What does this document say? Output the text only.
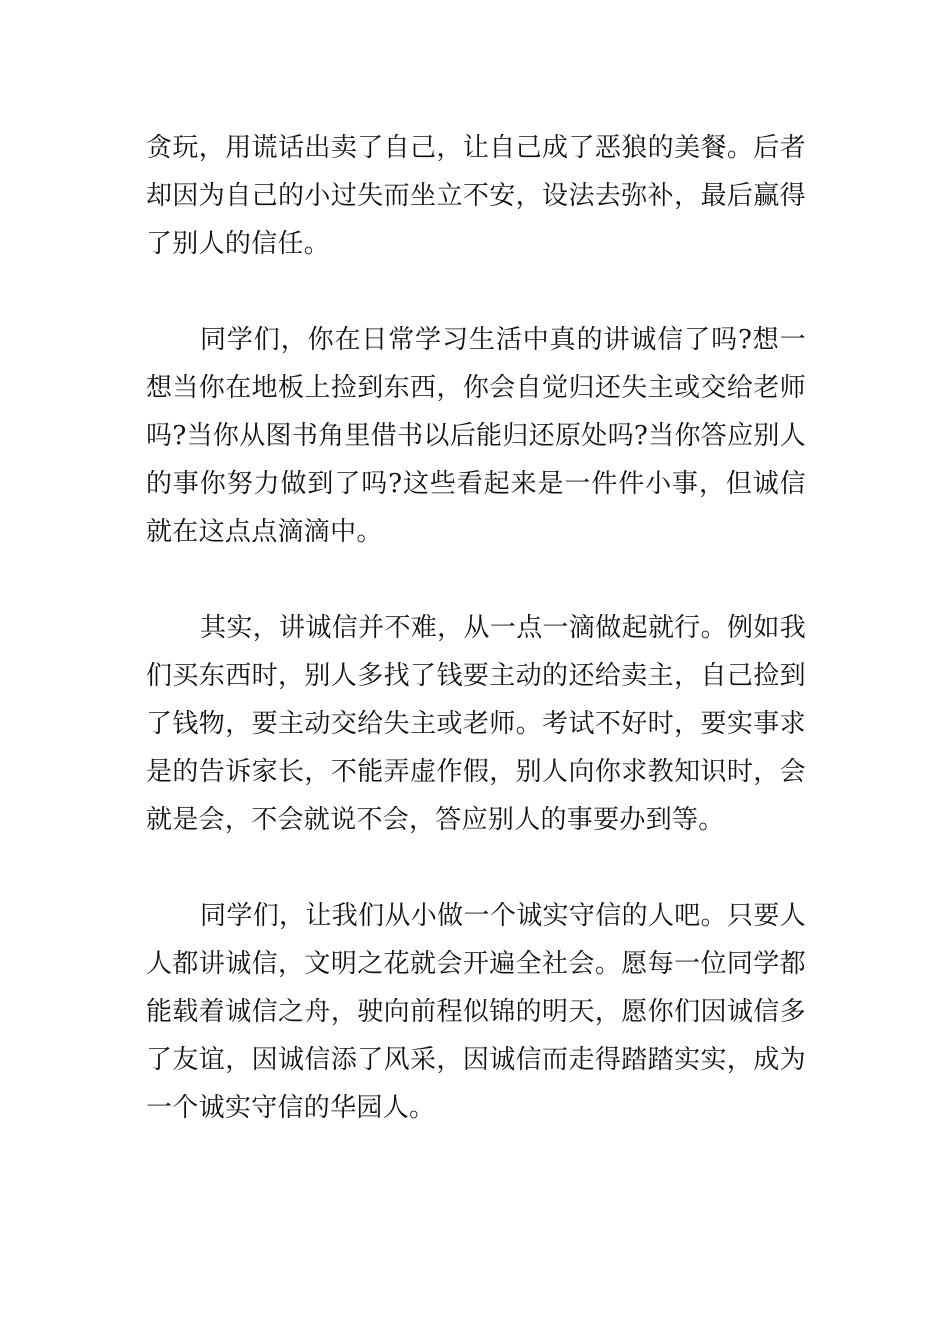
贪玩，用谎话出卖了自己，让自己成了恶狼的美餐。后者却因为自己的小过失而坐立不安，设法去弥补，最后赢得了别人的信任。

同学们，你在日常学习生活中真的讲诚信了吗?想一想当你在地板上捡到东西，你会自觉归还失主或交给老师吗?当你从图书角里借书以后能归还原处吗?当你答应别人的事你努力做到了吗?这些看起来是一件件小事，但诚信就在这点点滴滴中。

其实，讲诚信并不难，从一点一滴做起就行。例如我们买东西时，别人多找了钱要主动的还给卖主，自己捡到了钱物，要主动交给失主或老师。考试不好时，要实事求是的告诉家长，不能弄虚作假，别人向你求教知识时，会就是会，不会就说不会，答应别人的事要办到等。

同学们，让我们从小做一个诚实守信的人吧。只要人人都讲诚信，文明之花就会开遍全社会。愿每一位同学都能载着诚信之舟，驶向前程似锦的明天，愿你们因诚信多了友谊，因诚信添了风采，因诚信而走得踏踏实实，成为一个诚实守信的华园人。
